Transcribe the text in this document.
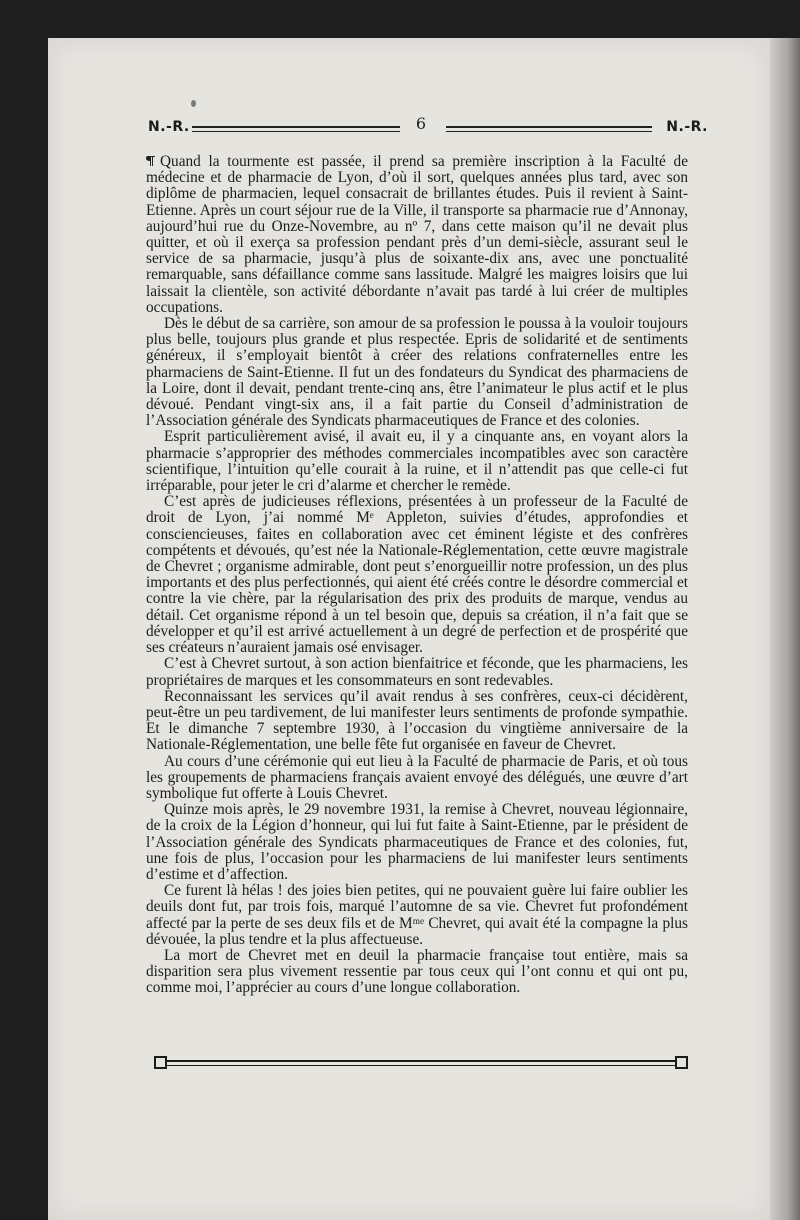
N.-R.	6	N.-R.

Quand la tourmente est passée, il prend sa première inscription à la Faculté de médecine et de pharmacie de Lyon, d’où il sort, quelques années plus tard, avec son diplôme de pharmacien, lequel consacrait de brillantes études. Puis il revient à Saint-Etienne. Après un court séjour rue de la Ville, il transporte sa pharmacie rue d’Annonay, aujourd’hui rue du Onze-Novembre, au nº 7, dans cette maison qu’il ne devait plus quitter, et où il exerça sa profession pendant près d’un demi-siècle, assurant seul le service de sa pharmacie, jusqu’à plus de soixante-dix ans, avec une ponctualité remarquable, sans défaillance comme sans lassitude. Malgré les maigres loisirs que lui laissait la clientèle, son activité débordante n’avait pas tardé à lui créer de multiples occupations.

Dès le début de sa carrière, son amour de sa profession le poussa à la vouloir toujours plus belle, toujours plus grande et plus respectée. Epris de solidarité et de sentiments généreux, il s’employait bientôt à créer des relations confraternelles entre les pharmaciens de Saint-Etienne. Il fut un des fondateurs du Syndicat des pharmaciens de la Loire, dont il devait, pendant trente-cinq ans, être l’animateur le plus actif et le plus dévoué. Pendant vingt-six ans, il a fait partie du Conseil d’administration de l’Association générale des Syndicats pharmaceutiques de France et des colonies.

Esprit particulièrement avisé, il avait eu, il y a cinquante ans, en voyant alors la pharmacie s’approprier des méthodes commerciales incompatibles avec son caractère scientifique, l’intuition qu’elle courait à la ruine, et il n’attendit pas que celle-ci fut irréparable, pour jeter le cri d’alarme et chercher le remède.

C’est après de judicieuses réflexions, présentées à un professeur de la Faculté de droit de Lyon, j’ai nommé Mᵉ Appleton, suivies d’études, approfondies et consciencieuses, faites en collaboration avec cet éminent légiste et des confrères compétents et dévoués, qu’est née la Nationale-Réglementation, cette œuvre magistrale de Chevret ; organisme admirable, dont peut s’enorgueillir notre profession, un des plus importants et des plus perfectionnés, qui aient été créés contre le désordre commercial et contre la vie chère, par la régularisation des prix des produits de marque, vendus au détail. Cet organisme répond à un tel besoin que, depuis sa création, il n’a fait que se développer et qu’il est arrivé actuellement à un degré de perfection et de prospérité que ses créateurs n’auraient jamais osé envisager.

C’est à Chevret surtout, à son action bienfaitrice et féconde, que les pharmaciens, les propriétaires de marques et les consommateurs en sont redevables.

Reconnaissant les services qu’il avait rendus à ses confrères, ceux-ci décidèrent, peut-être un peu tardivement, de lui manifester leurs sentiments de profonde sympathie. Et le dimanche 7 septembre 1930, à l’occasion du vingtième anniversaire de la Nationale-Réglementation, une belle fête fut organisée en faveur de Chevret.

Au cours d’une cérémonie qui eut lieu à la Faculté de pharmacie de Paris, et où tous les groupements de pharmaciens français avaient envoyé des délégués, une œuvre d’art symbolique fut offerte à Louis Chevret.

Quinze mois après, le 29 novembre 1931, la remise à Chevret, nouveau légionnaire, de la croix de la Légion d’honneur, qui lui fut faite à Saint-Etienne, par le président de l’Association générale des Syndicats pharmaceutiques de France et des colonies, fut, une fois de plus, l’occasion pour les pharmaciens de lui manifester leurs sentiments d’estime et d’affection.

Ce furent là hélas ! des joies bien petites, qui ne pouvaient guère lui faire oublier les deuils dont fut, par trois fois, marqué l’automne de sa vie. Chevret fut profondément affecté par la perte de ses deux fils et de Mᵐᵉ Chevret, qui avait été la compagne la plus dévouée, la plus tendre et la plus affectueuse.

La mort de Chevret met en deuil la pharmacie française tout entière, mais sa disparition sera plus vivement ressentie par tous ceux qui l’ont connu et qui ont pu, comme moi, l’apprécier au cours d’une longue collaboration.
